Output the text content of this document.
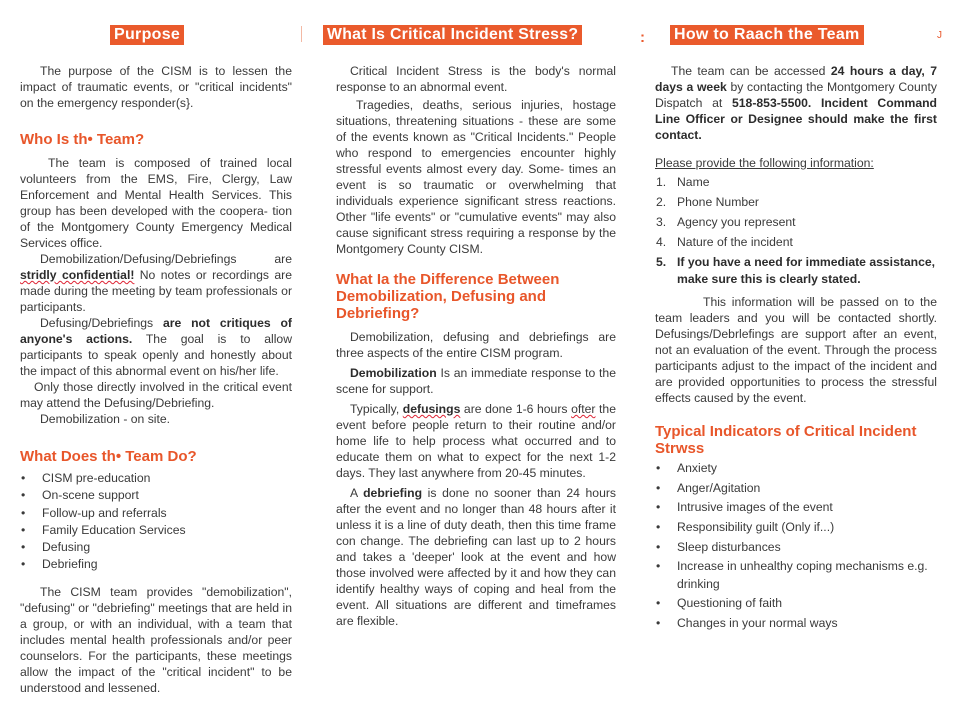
Purpose

The purpose of the CISM is to lessen the impact of traumatic events, or "critical incidents" on the emergency responder(s}.

Who Is th• Team?

The team is composed of trained local volunteers from the EMS, Fire, Clergy, Law Enforcement and Mental Health Services. This group has been developed with the coopera- tion of the Montgomery County Emergency Medical Services office.

Demobilization/Defusing/Debriefings are stridly confidential! No notes or recordings are made during the meeting by team professionals or participants.

Defusing/Debriefings are not critiques of anyone's actions. The goal is to allow participants to speak openly and honestly about the impact of this abnormal event on his/her life.

Only those directly involved in the critical event may attend the Defusing/Debriefing.

Demobilization - on site.

What Does th• Team Do?

• CISM pre-education
• On-scene support
• Follow-up and referrals
• Family Education Services
• Defusing
• Debriefing

The CISM team provides "demobilization", "defusing" or "debriefing" meetings that are held in a group, or with an individual, with a team that includes mental health professionals and/or peer counselors. For the participants, these meetings allow the impact of the "critical incident" to be understood and lessened.

What Is Critical Incident Stress?

Critical Incident Stress is the body's normal response to an abnormal event.

Tragedies, deaths, serious injuries, hostage situations, threatening situations - these are some of the events known as "Critical Incidents." People who respond to emergencies encounter highly stressful events almost every day. Some- times an event is so traumatic or overwhelming that individuals experience significant stress reactions. Other "life events" or "cumulative events" may also cause significant stress requiring a response by the Montgomery County CISM.

What Ia the Difference Between Demobilization, Defusing and Debriefing?

Demobilization, defusing and debriefings are three aspects of the entire CISM program.

Demobilization Is an immediate response to the scene for support.

Typically, defusings are done 1-6 hours ofter the event before people return to their routine and/or home life to help process what occurred and to educate them on what to expect for the next 1-2 days. They last anywhere from 20-45 minutes.

A debriefing is done no sooner than 24 hours after the event and no longer than 48 hours after it unless it is a line of duty death, then this time frame con change. The debriefing can last up to 2 hours and takes a 'deeper' look at the event and how those involved were affected by it and how they can identify healthy ways of coping and heal from the event. All situations are different and timeframes are flexible.

: How to Raach the Team

The team can be accessed 24 hours a day, 7 days a week by contacting the Montgomery County Dispatch at 518-853-5500. Incident Command Line Officer or Designee should make the first contact.

Please provide the following information:

1. Name
2. Phone Number
3. Agency you represent
4. Nature of the incident
5. If you have a need for immediate assistance, make sure this is clearly stated.

This information will be passed on to the team leaders and you will be contacted shortly. Defusings/Debrlefings are support after an event, not an evaluation of the event. Through the process participants adjust to the impact of the incident and are provided opportunities to process the stressful effects caused by the event.

Typical Indicators of Critical Incident Strwss

• Anxiety
• Anger/Agitation
• Intrusive images of the event
• Responsibility guilt (Only if...)
• Sleep disturbances
• Increase in unhealthy coping mechanisms e.g. drinking
• Questioning of faith
• Changes in your normal ways
J
